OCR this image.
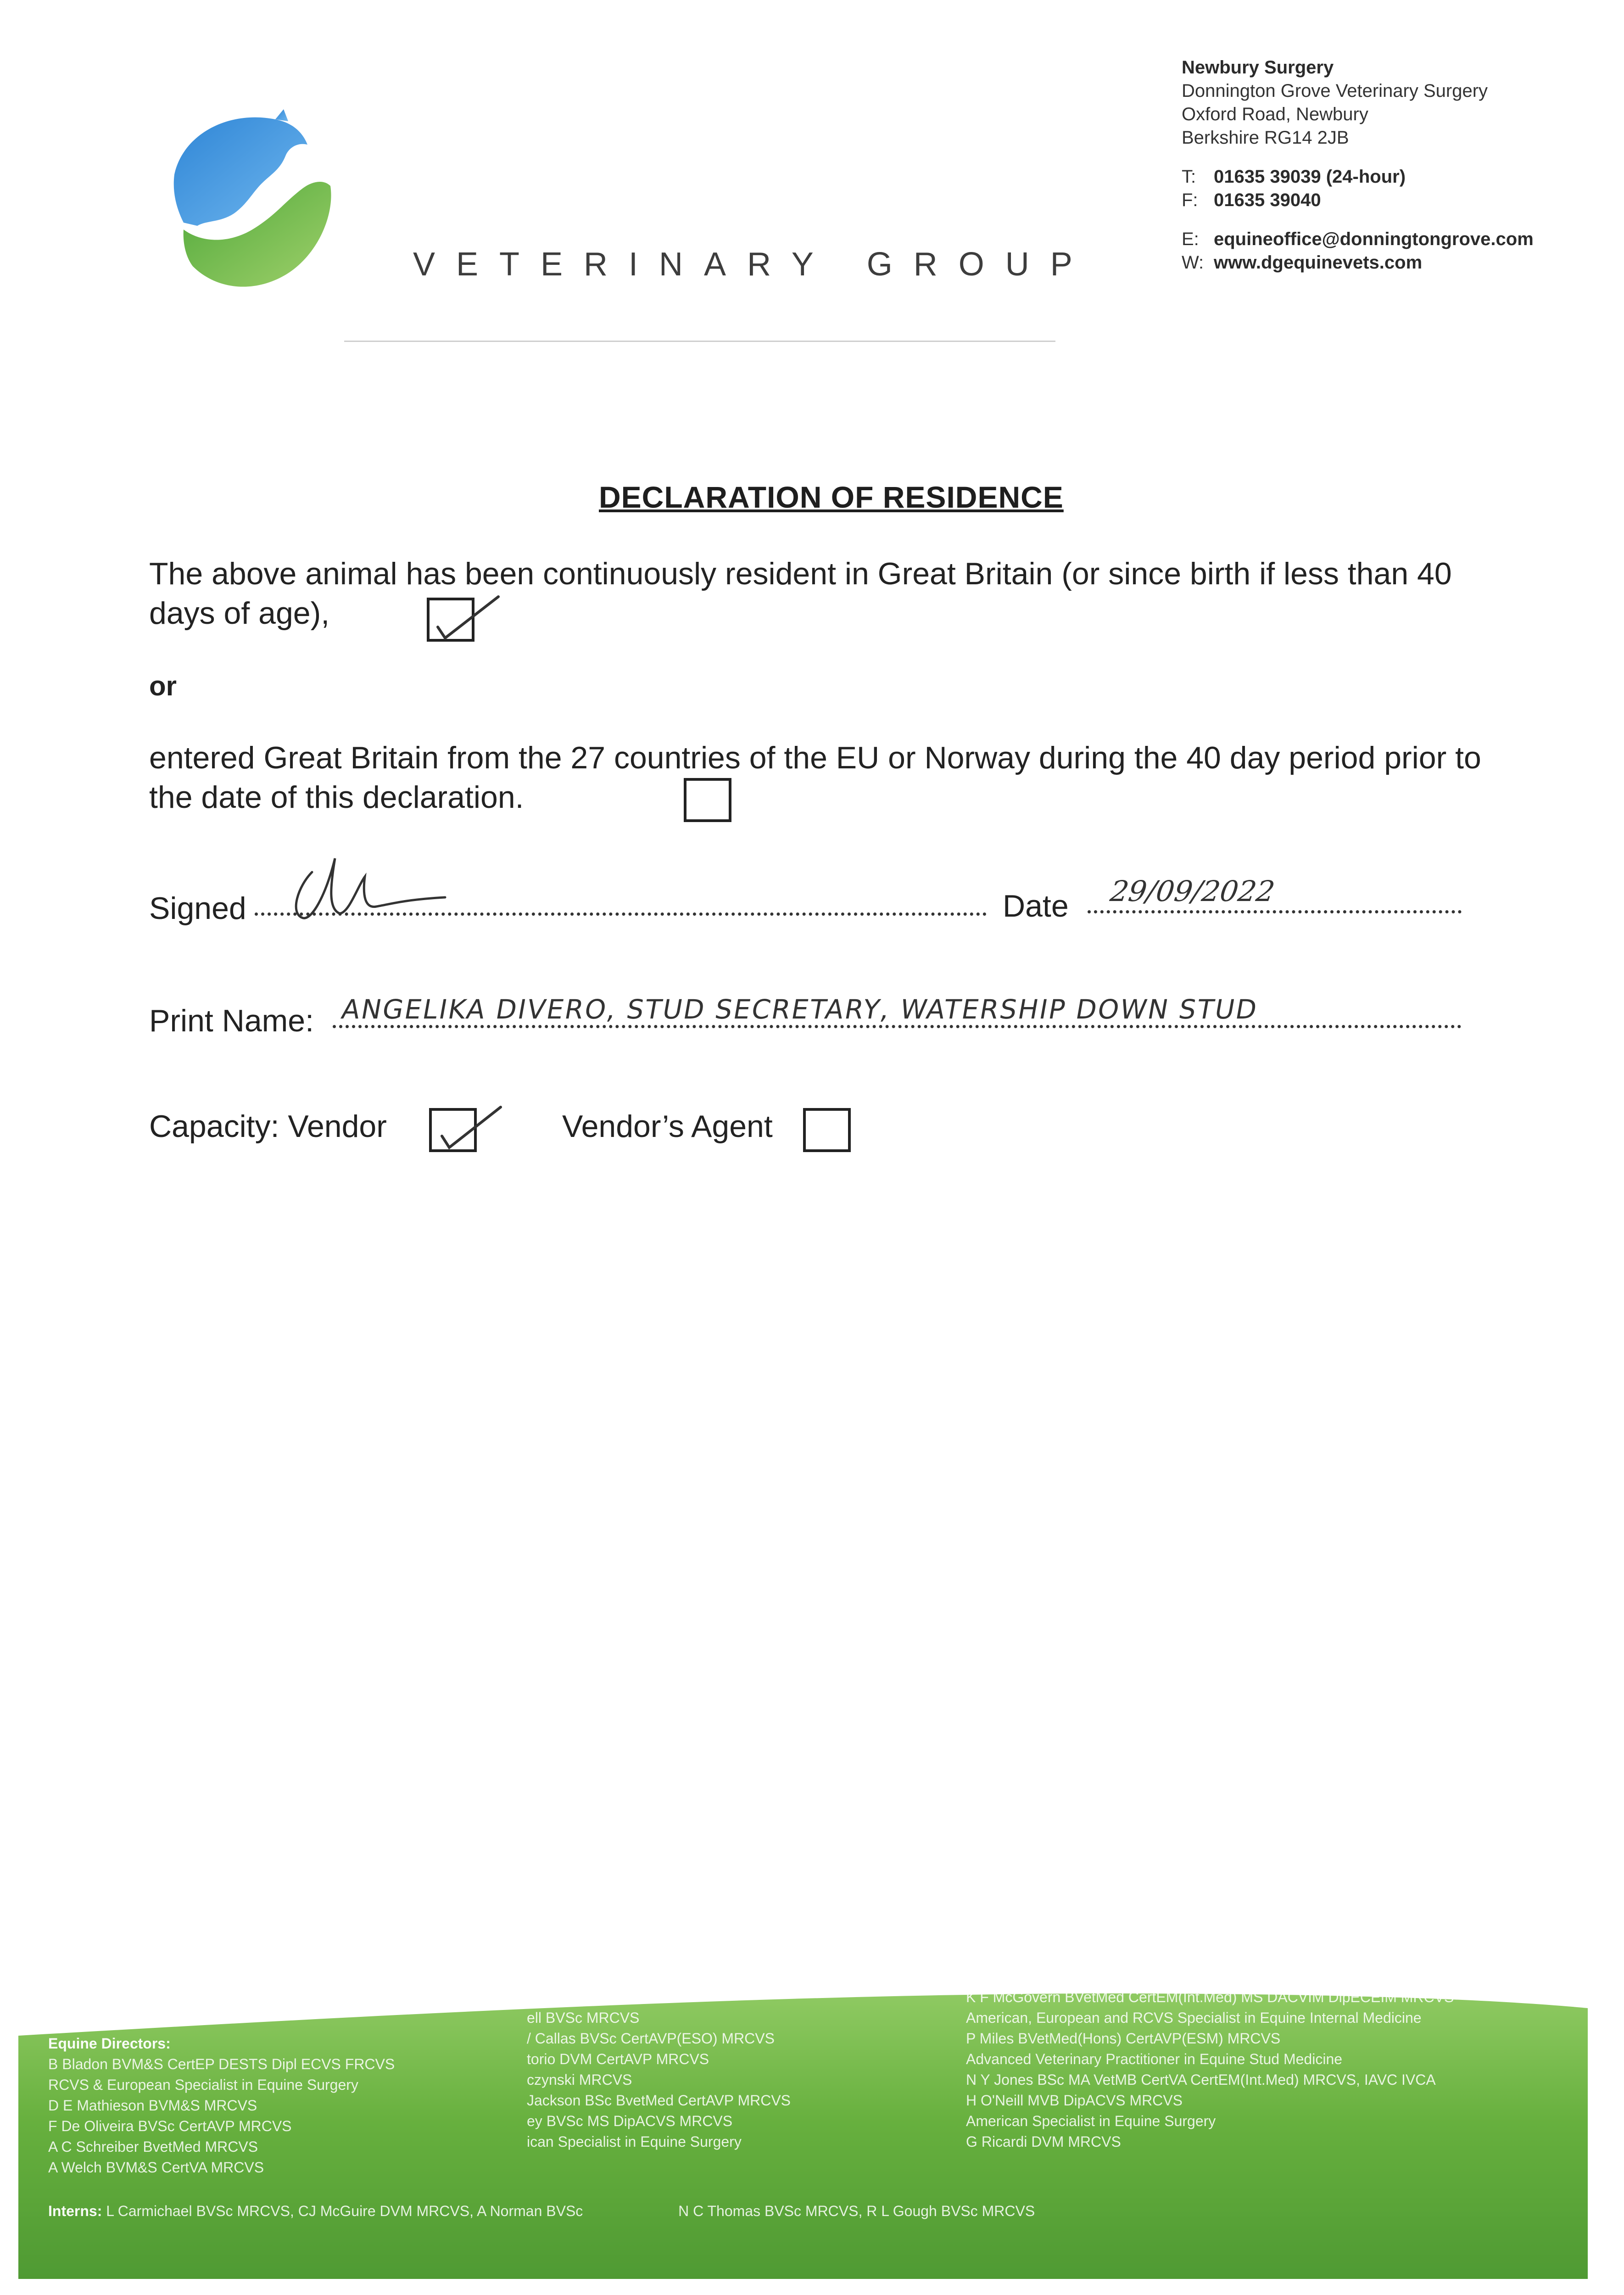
VETERINARY GROUP
Newbury Surgery
Donnington Grove Veterinary Surgery
Oxford Road, Newbury
Berkshire RG14 2JB
T: 01635 39039 (24-hour)
F: 01635 39040
E: equineoffice@donningtongrove.com
W: www.dgequinevets.com
DECLARATION OF RESIDENCE
The above animal has been continuously resident in Great Britain (or since birth if less than 40 days of age),
or
entered Great Britain from the 27 countries of the EU or Norway during the 40 day period prior to the date of this declaration.
Signed	Date 29/09/2022
Print Name: ANGELIKA DIVERO, STUD SECRETARY, WATERSHIP DOWN STUD
Capacity: Vendor	Vendor’s Agent
Equine Directors:
B Bladon BVM&S CertEP DESTS Dipl ECVS FRCVS
RCVS & European Specialist in Equine Surgery
D E Mathieson BVM&S MRCVS
F De Oliveira BVSc CertAVP MRCVS
A C Schreiber BvetMed MRCVS
A Welch BVM&S CertVA MRCVS
:iates:
ell BVSc MRCVS
/ Callas BVSc CertAVP(ESO) MRCVS
torio DVM CertAVP MRCVS
czynski MRCVS
Jackson BSc BvetMed CertAVP MRCVS
ey BVSc MS DipACVS MRCVS
ican Specialist in Equine Surgery
K F McGovern BVetMed CertEM(Int.Med) MS DACVIM DipECEIM MRCVS
American, European and RCVS Specialist in Equine Internal Medicine
P Miles BVetMed(Hons) CertAVP(ESM) MRCVS
Advanced Veterinary Practitioner in Equine Stud Medicine
N Y Jones BSc MA VetMB CertVA CertEM(Int.Med) MRCVS, IAVC IVCA
H O'Neill MVB DipACVS MRCVS
American Specialist in Equine Surgery
G Ricardi DVM MRCVS
Interns: L Carmichael BVSc MRCVS, CJ McGuire DVM MRCVS, A Norman BVSc	N C Thomas BVSc MRCVS, R L Gough BVSc MRCVS
